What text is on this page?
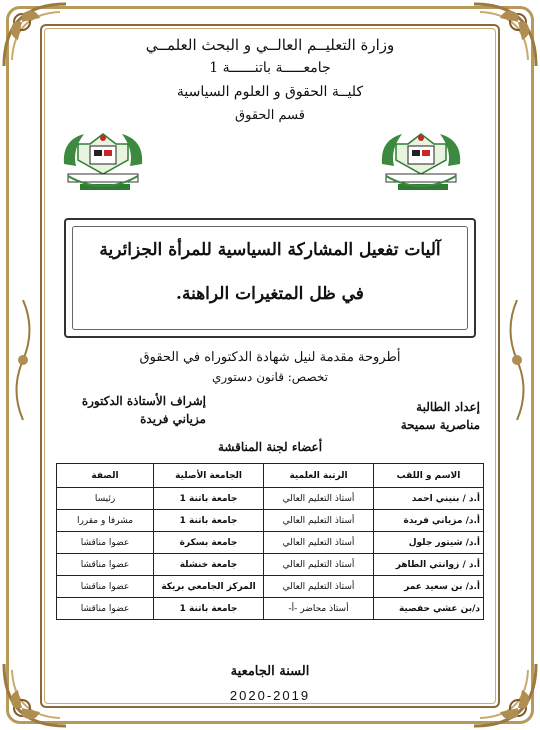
وزارة التعليــم العالــي و البحث العلمــي
جامعـــــة باتنــــــة 1
كليــة الحقوق و العلوم السياسية
قسم الحقوق
آليات تفعيل المشاركة السياسية للمرأة الجزائرية
في ظل المتغيرات الراهنة.
أطروحة مقدمة لنيل شهادة الدكتوراه في الحقوق
تخصص: قانون دستوري
إعداد الطالبة
مناصرية سميحة
إشراف الأستاذة الدكتورة
مزياني فريدة
أعضاء لجنة المناقشة
الاسم و اللقب	الرتبة العلمية	الجامعة الأصلية	الصفة
أ.د / بنيني احمد	أستاذ التعليم العالي	جامعة باتنة 1	رئيسا
أ.د/ مزياني فريدة	أستاذ التعليم العالي	جامعة باتنة 1	مشرفا و مقررا
أ.د/ شيتور جلول	أستاذ التعليم العالي	جامعة بسكرة	عضوا مناقشا
أ.د / زوانتي الطاهر	أستاذ التعليم العالي	جامعة خنشلة	عضوا مناقشا
أ.د/ بن سعيد عمر	أستاذ التعليم العالي	المركز الجامعي بريكة	عضوا مناقشا
د/بن عشي حفصية	أستاذ محاضر -أ-	جامعة باتنة 1	عضوا مناقشا
السنة الجامعية
2020-2019
